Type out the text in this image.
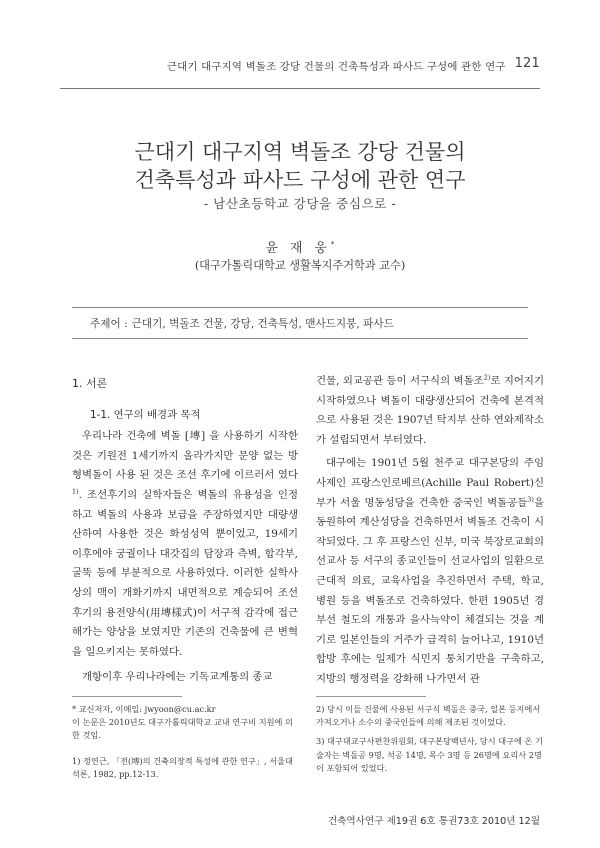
근대기 대구지역 벽돌조 강당 건물의 건축특성과 파사드 구성에 관한 연구 121
근대기 대구지역 벽돌조 강당 건물의
건축특성과 파사드 구성에 관한 연구
- 남산초등학교 강당을 중심으로 -
윤 재 웅*
(대구가톨릭대학교 생활복지주거학과 교수)
주제어 : 근대기, 벽돌조 건물, 강당, 건축특성, 맨사드지붕, 파사드
1. 서론
1-1. 연구의 배경과 목적

우리나라 건축에 벽돌 [塼] 을 사용하기 시작한 것은 기원전 1세기까지 올라가지만 문양 없는 방형벽돌이 사용 된 것은 조선 후기에 이르러서 였다$^{1)}$. 조선후기의 실학자들은 벽돌의 유용성을 인정하고 벽돌의 사용과 보급을 주장하였지만 대량생산하여 사용한 것은 화성성역 뿐이었고, 19세기 이후에야 궁궐이나 대갓집의 담장과 측벽, 합각부, 굴뚝 등에 부분적으로 사용하였다. 이러한 실학사상의 맥이 개화기까지 내면적으로 계승되어 조선 후기의 용전양식(用塼樣式)이 서구적 감각에 접근해가는 양상을 보였지만 기존의 건축물에 큰 변혁을 일으키지는 못하였다.

개항이후 우리나라에는 기독교계통의 종교

건물, 외교공관 등이 서구식의 벽돌조$^{2)}$로 지어지기 시작하였으나 벽돌이 대량생산되어 건축에 본격적으로 사용된 것은 1907년 탁지부 산하 연와제작소가 설립되면서 부터였다.

대구에는 1901년 5월 천주교 대구본당의 주임사제인 프랑스인로베르(Achille Paul Robert)신부가 서울 명동성당을 건축한 중국인 벽돌공들$^{3)}$을 동원하여 계산성당을 건축하면서 벽돌조 건축이 시작되었다. 그 후 프랑스인 신부, 미국 북장로교회의 선교사 등 서구의 종교인들이 선교사업의 일환으로 근대적 의료, 교육사업을 추진하면서 주택, 학교, 병원 등을 벽돌조로 건축하였다. 한편 1905년 경부선 철도의 개통과 을사늑약이 체결되는 것을 계기로 일본인들의 거주가 급격히 늘어나고, 1910년 합방 후에는 일제가 식민지 통치기반을 구축하고, 지방의 행정력을 강화해 나가면서 관

* 교신저자, 이메일: jwyoon@cu.ac.kr
이 논문은 2010년도 대구가톨릭대학교 교내 연구비 지원에 의한 것임.
1) 정연근, 「전(塼)의 건축의장적 특성에 관한 연구」, 서울대 석론, 1982, pp.12-13.
2) 당시 이들 건물에 사용된 서구식 벽돌은 중국, 일본 등지에서 가져오거나 소수의 중국인들에 의해 제조된 것이었다.
3) 대구대교구사편찬위원회, 대구본당백년사, 당시 대구에 온 기술자는 벽돌공 9명, 석공 14명, 목수 3명 등 26명에 요리사 2명이 포함되어 있었다.
건축역사연구 제19권 6호 통권73호 2010년 12월
